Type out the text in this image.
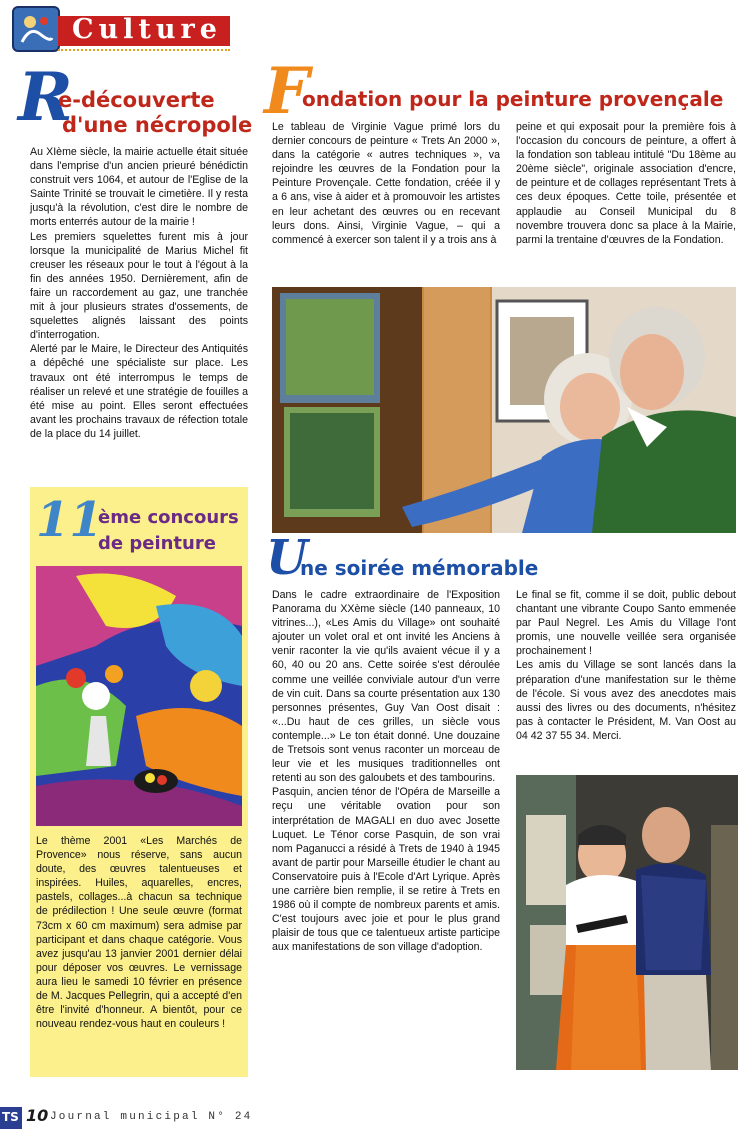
Culture
R
e-découverte
d'une nécropole

Au XIème siècle, la mairie actuelle était située dans l'emprise d'un ancien prieuré bénédictin construit vers 1064, et autour de l'Eglise de la Sainte Trinité se trouvait le cimetière. Il y resta jusqu'à la révolution, c'est dire le nombre de morts enterrés autour de la mairie !

Les premiers squelettes furent mis à jour lorsque la municipalité de Marius Michel fit creuser les réseaux pour le tout à l'égout à la fin des années 1950. Dernièrement, afin de faire un raccordement au gaz, une tranchée mit à jour plusieurs strates d'ossements, de squelettes alignés laissant des points d'interrogation.

Alerté par le Maire, le Directeur des Antiquités a dépêché une spécialiste sur place. Les travaux ont été interrompus le temps de réaliser un relevé et une stratégie de fouilles a été mise au point. Elles seront effectuées avant les prochains travaux de réfection totale de la place du 14 juillet.

F
ondation pour la peinture provençale
Le tableau de Virginie Vague primé lors du dernier concours de peinture « Trets An 2000 », dans la catégorie « autres techniques », va rejoindre les œuvres de la Fondation pour la Peinture Provençale. Cette fondation, créée il y a 6 ans, vise à aider et à promouvoir les artistes en leur achetant des œuvres ou en recevant leurs dons. Ainsi, Virginie Vague, – qui a commencé à exercer son talent il y a trois ans à
peine et qui exposait pour la première fois à l'occasion du concours de peinture, a offert à la fondation son tableau intitulé "Du 18ème au 20ème siècle", originale association d'encre, de peinture et de collages représentant Trets à ces deux époques. Cette toile, présentée et applaudie au Conseil Municipal du 8 novembre trouvera donc sa place à la Mairie, parmi la trentaine d'œuvres de la Fondation.
11
ème concours
de peinture
Le thème 2001 «Les Marchés de Provence» nous réserve, sans aucun doute, des œuvres talentueuses et inspirées. Huiles, aquarelles, encres, pastels, collages...à chacun sa technique de prédilection ! Une seule œuvre (format 73cm x 60 cm maximum) sera admise par participant et dans chaque catégorie. Vous avez jusqu'au 13 janvier 2001 dernier délai pour déposer vos œuvres. Le vernissage aura lieu le samedi 10 février en présence de M. Jacques Pellegrin, qui a accepté d'en être l'invité d'honneur. A bientôt, pour ce nouveau rendez-vous haut en couleurs !
U
ne soirée mémorable

Dans le cadre extraordinaire de l'Exposition Panorama du XXème siècle (140 panneaux, 10 vitrines...), «Les Amis du Village» ont souhaité ajouter un volet oral et ont invité les Anciens à venir raconter la vie qu'ils avaient vécue il y a 60, 40 ou 20 ans. Cette soirée s'est déroulée comme une veillée conviviale autour d'un verre de vin cuit. Dans sa courte présentation aux 130 personnes présentes, Guy Van Oost disait : «...Du haut de ces grilles, un siècle vous contemple...» Le ton était donné. Une douzaine de Tretsois sont venus raconter un morceau de leur vie et les musiques traditionnelles ont retenti au son des galoubets et des tambourins.

Pasquin, ancien ténor de l'Opéra de Marseille a reçu une véritable ovation pour son interprétation de MAGALI en duo avec Josette Luquet. Le Ténor corse Pasquin, de son vrai nom Paganucci a résidé à Trets de 1940 à 1945 avant de partir pour Marseille étudier le chant au Conservatoire puis à l'Ecole d'Art Lyrique. Après une carrière bien remplie, il se retire à Trets en 1986 où il compte de nombreux parents et amis. C'est toujours avec joie et pour le plus grand plaisir de tous que ce talentueux artiste participe aux manifestations de son village d'adoption.

Le final se fit, comme il se doit, public debout chantant une vibrante Coupo Santo emmenée par Paul Negrel. Les Amis du Village l'ont promis, une nouvelle veillée sera organisée prochainement !

Les amis du Village se sont lancés dans la préparation d'une manifestation sur le thème de l'école. Si vous avez des anecdotes mais aussi des livres ou des documents, n'hésitez pas à contacter le Président, M. Van Oost au 04 42 37 55 34. Merci.

TS 10 Journal municipal N° 24
